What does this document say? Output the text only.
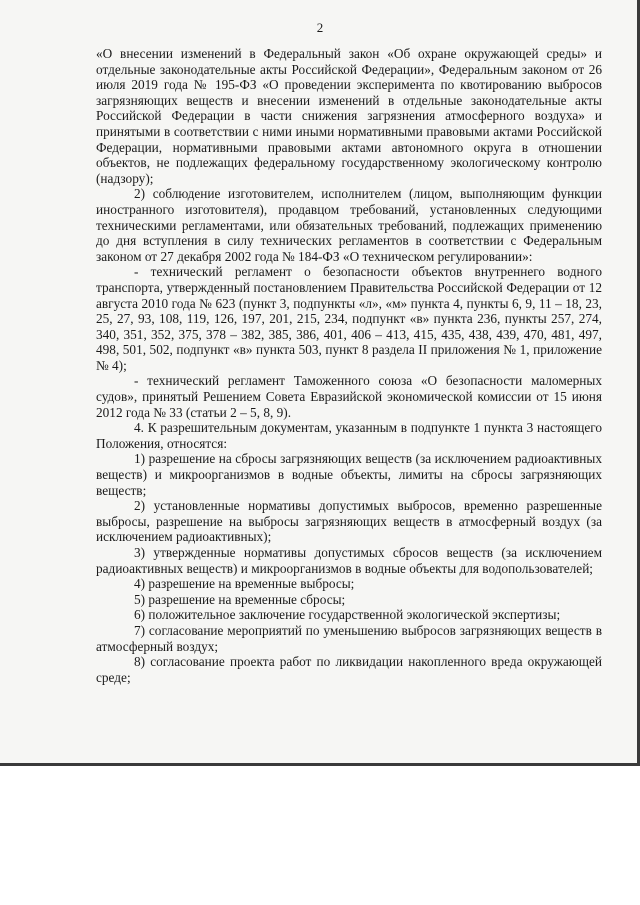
2

«О внесении изменений в Федеральный закон «Об охране окружающей среды» и отдельные законодательные акты Российской Федерации», Федеральным законом от 26 июля 2019 года № 195-ФЗ «О проведении эксперимента по квотированию выбросов загрязняющих веществ и внесении изменений в отдельные законодательные акты Российской Федерации в части снижения загрязнения атмосферного воздуха» и принятыми в соответствии с ними иными нормативными правовыми актами Российской Федерации, нормативными правовыми актами автономного округа в отношении объектов, не подлежащих федеральному государственному экологическому контролю (надзору);

2) соблюдение изготовителем, исполнителем (лицом, выполняющим функции иностранного изготовителя), продавцом требований, установленных следующими техническими регламентами, или обязательных требований, подлежащих применению до дня вступления в силу технических регламентов в соответствии с Федеральным законом от 27 декабря 2002 года № 184-ФЗ «О техническом регулировании»:

- технический регламент о безопасности объектов внутреннего водного транспорта, утвержденный постановлением Правительства Российской Федерации от 12 августа 2010 года № 623 (пункт 3, подпункты «л», «м» пункта 4, пункты 6, 9, 11 – 18, 23, 25, 27, 93, 108, 119, 126, 197, 201, 215, 234, подпункт «в» пункта 236, пункты 257, 274, 340, 351, 352, 375, 378 – 382, 385, 386, 401, 406 – 413, 415, 435, 438, 439, 470, 481, 497, 498, 501, 502, подпункт «в» пункта 503, пункт 8 раздела II приложения № 1, приложение № 4);

- технический регламент Таможенного союза «О безопасности маломерных судов», принятый Решением Совета Евразийской экономической комиссии от 15 июня 2012 года № 33 (статьи 2 – 5, 8, 9).

4. К разрешительным документам, указанным в подпункте 1 пункта 3 настоящего Положения, относятся:

1) разрешение на сбросы загрязняющих веществ (за исключением радиоактивных веществ) и микроорганизмов в водные объекты, лимиты на сбросы загрязняющих веществ;

2) установленные нормативы допустимых выбросов, временно разрешенные выбросы, разрешение на выбросы загрязняющих веществ в атмосферный воздух (за исключением радиоактивных);

3) утвержденные нормативы допустимых сбросов веществ (за исключением радиоактивных веществ) и микроорганизмов в водные объекты для водопользователей;

4) разрешение на временные выбросы;

5) разрешение на временные сбросы;

6) положительное заключение государственной экологической экспертизы;

7) согласование мероприятий по уменьшению выбросов загрязняющих веществ в атмосферный воздух;

8) согласование проекта работ по ликвидации накопленного вреда окружающей среде;
